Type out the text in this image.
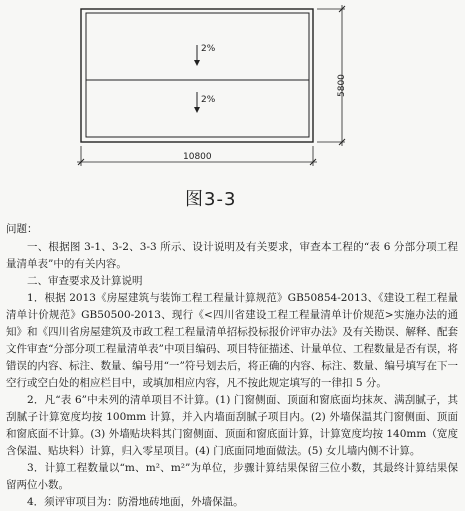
2%
2%
10800
5800
图3-3

问题：

一、根据图 3-1、3-2、3-3 所示、设计说明及有关要求，审查本工程的“表 6 分部分项工程量清单表”中的有关内容。

二、审查要求及计算说明

1．根据 2013《房屋建筑与装饰工程工程量计算规范》GB50854-2013、《建设工程工程量清单计价规范》GB50500-2013、现行《<四川省建设工程工程量清单计价规范>实施办法的通知》和《四川省房屋建筑及市政工程工程量清单招标投标报价评审办法》及有关勘误、解释、配套文件审查“分部分项工程量清单表”中项目编码、项目特征描述、计量单位、工程数量是否有误，将错误的内容、标注、数量、编号用“一”符号划去后，将正确的内容、标注、数量、编号填写在下一空行或空白处的相应栏目中，或填加相应内容，凡不按此规定填写的一律扣 5 分。

2．凡“表 6”中未列的清单项目不计算。(1) 门窗侧面、顶面和窗底面均抹灰、满刮腻子，其刮腻子计算宽度均按 100mm 计算，并入内墙面刮腻子项目内。(2) 外墙保温其门窗侧面、顶面和窗底面不计算。(3) 外墙贴块料其门窗侧面、顶面和窗底面计算，计算宽度均按 140mm（宽度含保温、贴块料）计算，归入零星项目。(4) 门底面同地面做法。(5) 女儿墙内侧不计算。

3．计算工程数量以“m、m²、m²”为单位，步骤计算结果保留三位小数，其最终计算结果保留两位小数。

4．须评审项目为：防滑地砖地面，外墙保温。
